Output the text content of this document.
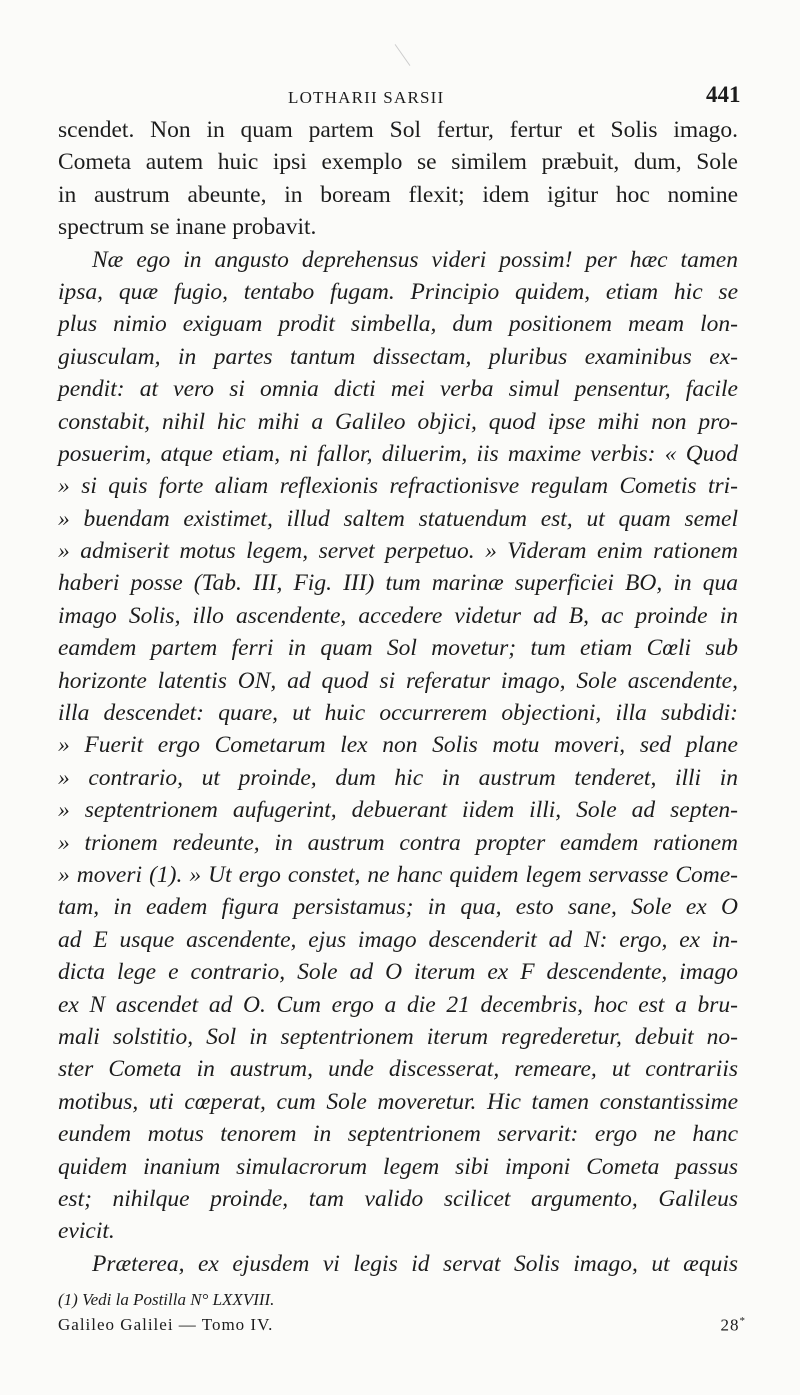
LOTHARII SARSII	441
scendet. Non in quam partem Sol fertur, fertur et Solis imago.
Cometa autem huic ipsi exemplo se similem præbuit, dum, Sole
in austrum abeunte, in boream flexit; idem igitur hoc nomine
spectrum se inane probavit.
Næ ego in angusto deprehensus videri possim! per hæc tamen
ipsa, quæ fugio, tentabo fugam. Principio quidem, etiam hic se
plus nimio exiguam prodit simbella, dum positionem meam lon-
giusculam, in partes tantum dissectam, pluribus examinibus ex-
pendit: at vero si omnia dicti mei verba simul pensentur, facile
constabit, nihil hic mihi a Galileo objici, quod ipse mihi non pro-
posuerim, atque etiam, ni fallor, diluerim, iis maxime verbis: « Quod
» si quis forte aliam reflexionis refractionisve regulam Cometis tri-
» buendam existimet, illud saltem statuendum est, ut quam semel
» admiserit motus legem, servet perpetuo. » Videram enim rationem
haberi posse (Tab. III, Fig. III) tum marinæ superficiei BO, in qua
imago Solis, illo ascendente, accedere videtur ad B, ac proinde in
eamdem partem ferri in quam Sol movetur; tum etiam Cœli sub
horizonte latentis ON, ad quod si referatur imago, Sole ascendente,
illa descendet: quare, ut huic occurrerem objectioni, illa subdidi:
» Fuerit ergo Cometarum lex non Solis motu moveri, sed plane
» contrario, ut proinde, dum hic in austrum tenderet, illi in
» septentrionem aufugerint, debuerant iidem illi, Sole ad septen-
» trionem redeunte, in austrum contra propter eamdem rationem
» moveri (1). » Ut ergo constet, ne hanc quidem legem servasse Come-
tam, in eadem figura persistamus; in qua, esto sane, Sole ex O
ad E usque ascendente, ejus imago descenderit ad N: ergo, ex in-
dicta lege e contrario, Sole ad O iterum ex F descendente, imago
ex N ascendet ad O. Cum ergo a die 21 decembris, hoc est a bru-
mali solstitio, Sol in septentrionem iterum regrederetur, debuit no-
ster Cometa in austrum, unde discesserat, remeare, ut contrariis
motibus, uti cœperat, cum Sole moveretur. Hic tamen constantissime
eundem motus tenorem in septentrionem servarit: ergo ne hanc
quidem inanium simulacrorum legem sibi imponi Cometa passus
est; nihilque proinde, tam valido scilicet argumento, Galileus
evicit.
Præterea, ex ejusdem vi legis id servat Solis imago, ut æquis
(1) Vedi la Postilla N° LXXVIII.
Galileo Galilei — Tomo IV.	28*
